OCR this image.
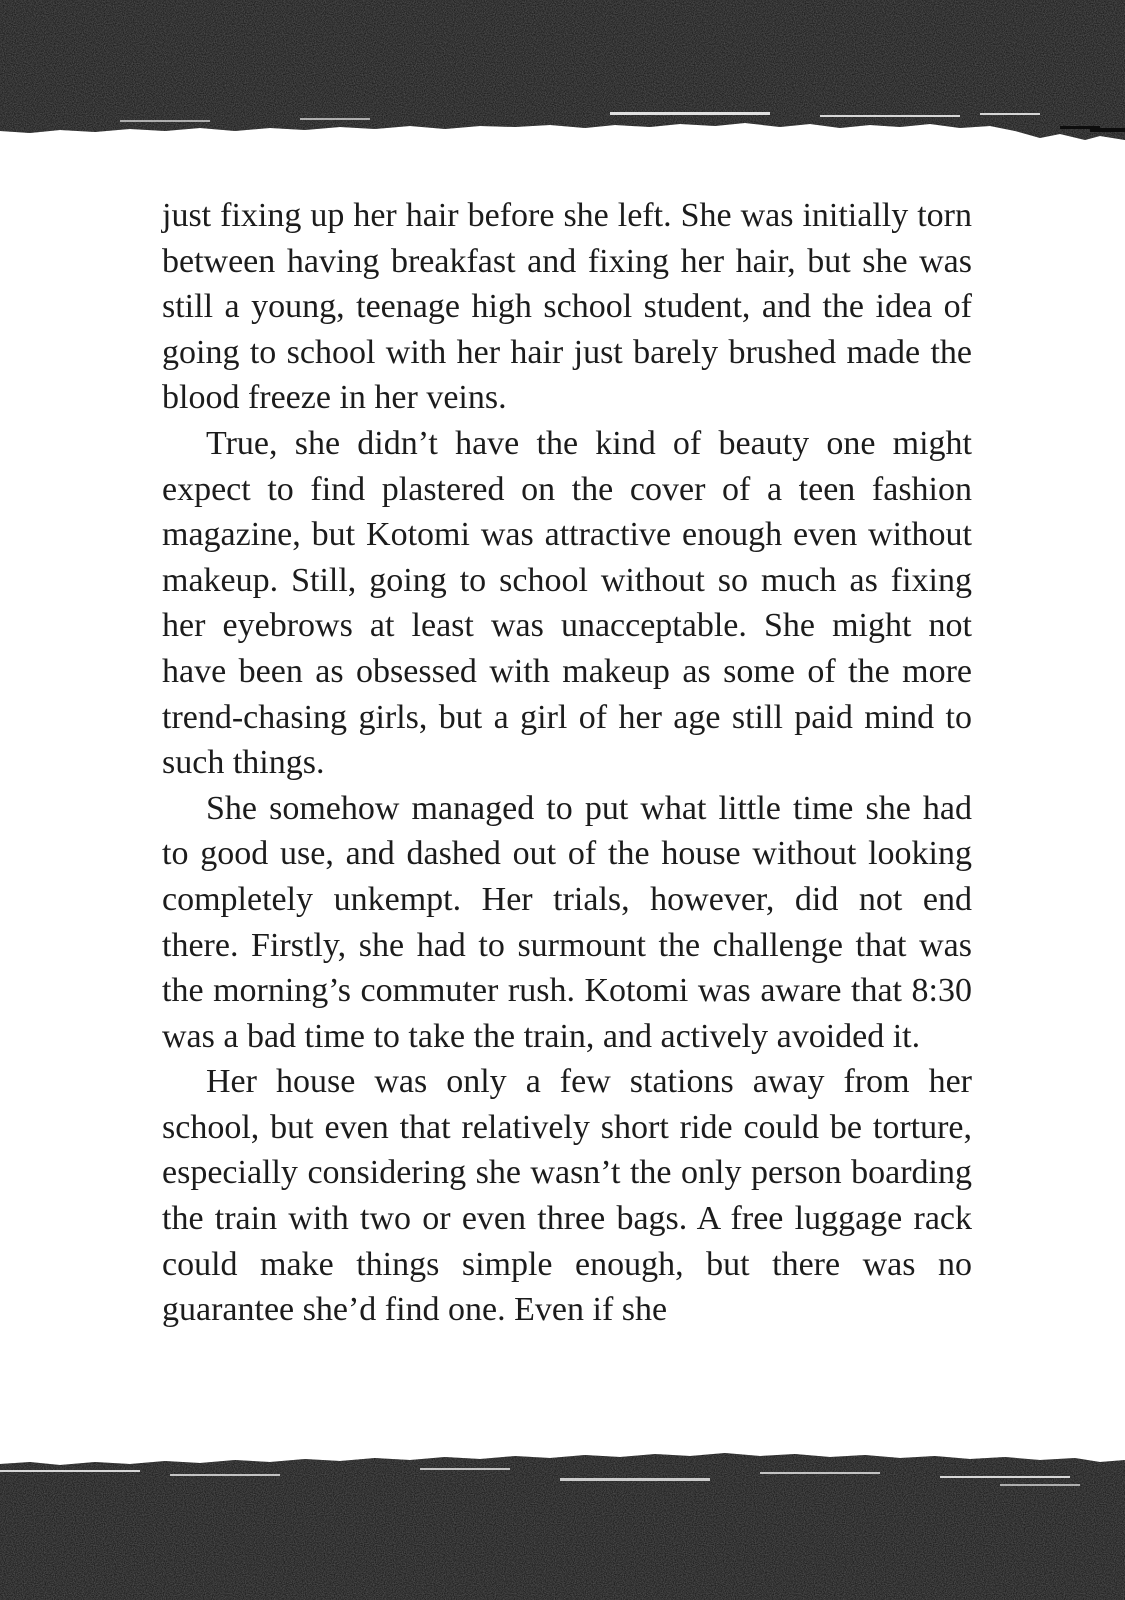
just fixing up her hair before she left. She was initially torn between having breakfast and fixing her hair, but she was still a young, teenage high school student, and the idea of going to school with her hair just barely brushed made the blood freeze in her veins.

True, she didn’t have the kind of beauty one might expect to find plastered on the cover of a teen fashion magazine, but Kotomi was attractive enough even without makeup. Still, going to school without so much as fixing her eyebrows at least was unacceptable. She might not have been as obsessed with makeup as some of the more trend-chasing girls, but a girl of her age still paid mind to such things.

She somehow managed to put what little time she had to good use, and dashed out of the house without looking completely unkempt. Her trials, however, did not end there. Firstly, she had to surmount the challenge that was the morning’s commuter rush. Kotomi was aware that 8:30 was a bad time to take the train, and actively avoided it.

Her house was only a few stations away from her school, but even that relatively short ride could be torture, especially considering she wasn’t the only person boarding the train with two or even three bags. A free luggage rack could make things simple enough, but there was no guarantee she’d find one. Even if she
